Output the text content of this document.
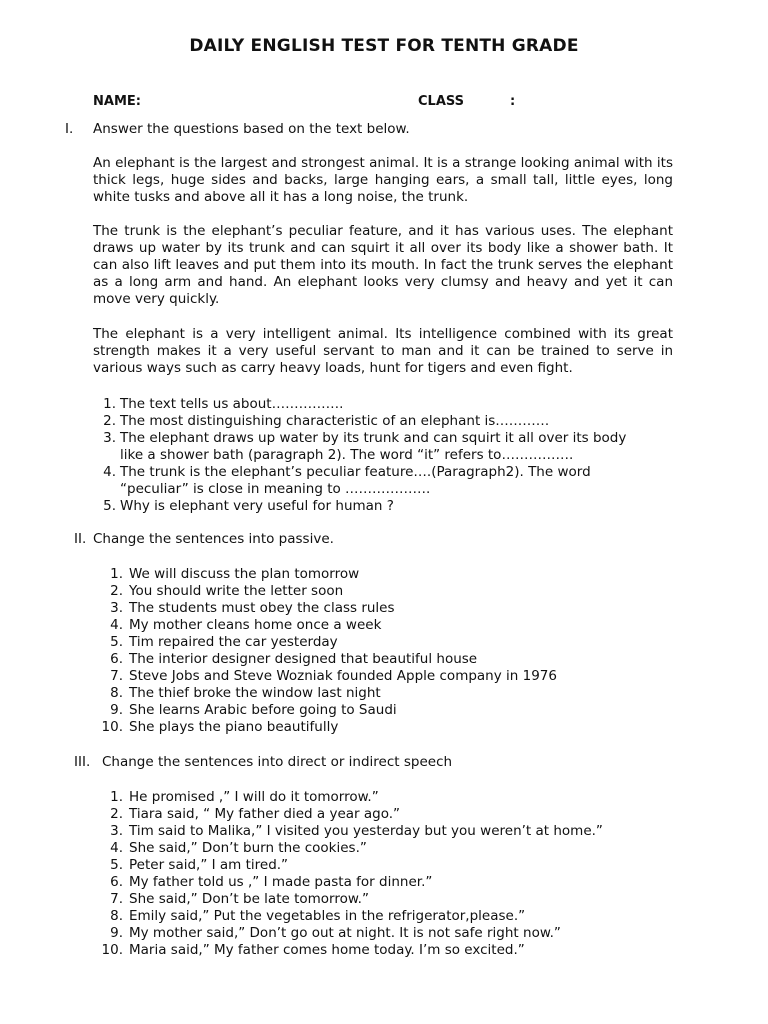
DAILY ENGLISH TEST FOR TENTH GRADE
NAME:	CLASS	:
I. Answer the questions based on the text below.
An elephant is the largest and strongest animal. It is a strange looking animal with its thick legs, huge sides and backs, large hanging ears, a small tall, little eyes, long white tusks and above all it has a long noise, the trunk.
The trunk is the elephant’s peculiar feature, and it has various uses. The elephant draws up water by its trunk and can squirt it all over its body like a shower bath. It can also lift leaves and put them into its mouth. In fact the trunk serves the elephant as a long arm and hand. An elephant looks very clumsy and heavy and yet it can move very quickly.
The elephant is a very intelligent animal. Its intelligence combined with its great strength makes it a very useful servant to man and it can be trained to serve in various ways such as carry heavy loads, hunt for tigers and even fight.
1. The text tells us about…………….
2. The most distinguishing characteristic of an elephant is…………
3. The elephant draws up water by its trunk and can squirt it all over its body like a shower bath (paragraph 2). The word “it” refers to…………….
4. The trunk is the elephant’s peculiar feature….(Paragraph2). The word “peculiar” is close in meaning to ……………….
5. Why is elephant very useful for human ?
II. Change the sentences into passive.
1. We will discuss the plan tomorrow
2. You should write the letter soon
3. The students must obey the class rules
4. My mother cleans home once a week
5. Tim repaired the car yesterday
6. The interior designer designed that beautiful house
7. Steve Jobs and Steve Wozniak founded Apple company in 1976
8. The thief broke the window last night
9. She learns Arabic before going to Saudi
10. She plays the piano beautifully
III. Change the sentences into direct or indirect speech
1. He promised ,” I will do it tomorrow.”
2. Tiara said, “ My father died a year ago.”
3. Tim said to Malika,” I visited you yesterday but you weren’t at home.”
4. She said,” Don’t burn the cookies.”
5. Peter said,” I am tired.”
6. My father told us ,” I made pasta for dinner.”
7. She said,” Don’t be late tomorrow.”
8. Emily said,” Put the vegetables in the refrigerator,please.”
9. My mother said,” Don’t go out at night. It is not safe right now.”
10. Maria said,” My father comes home today. I’m so excited.”
